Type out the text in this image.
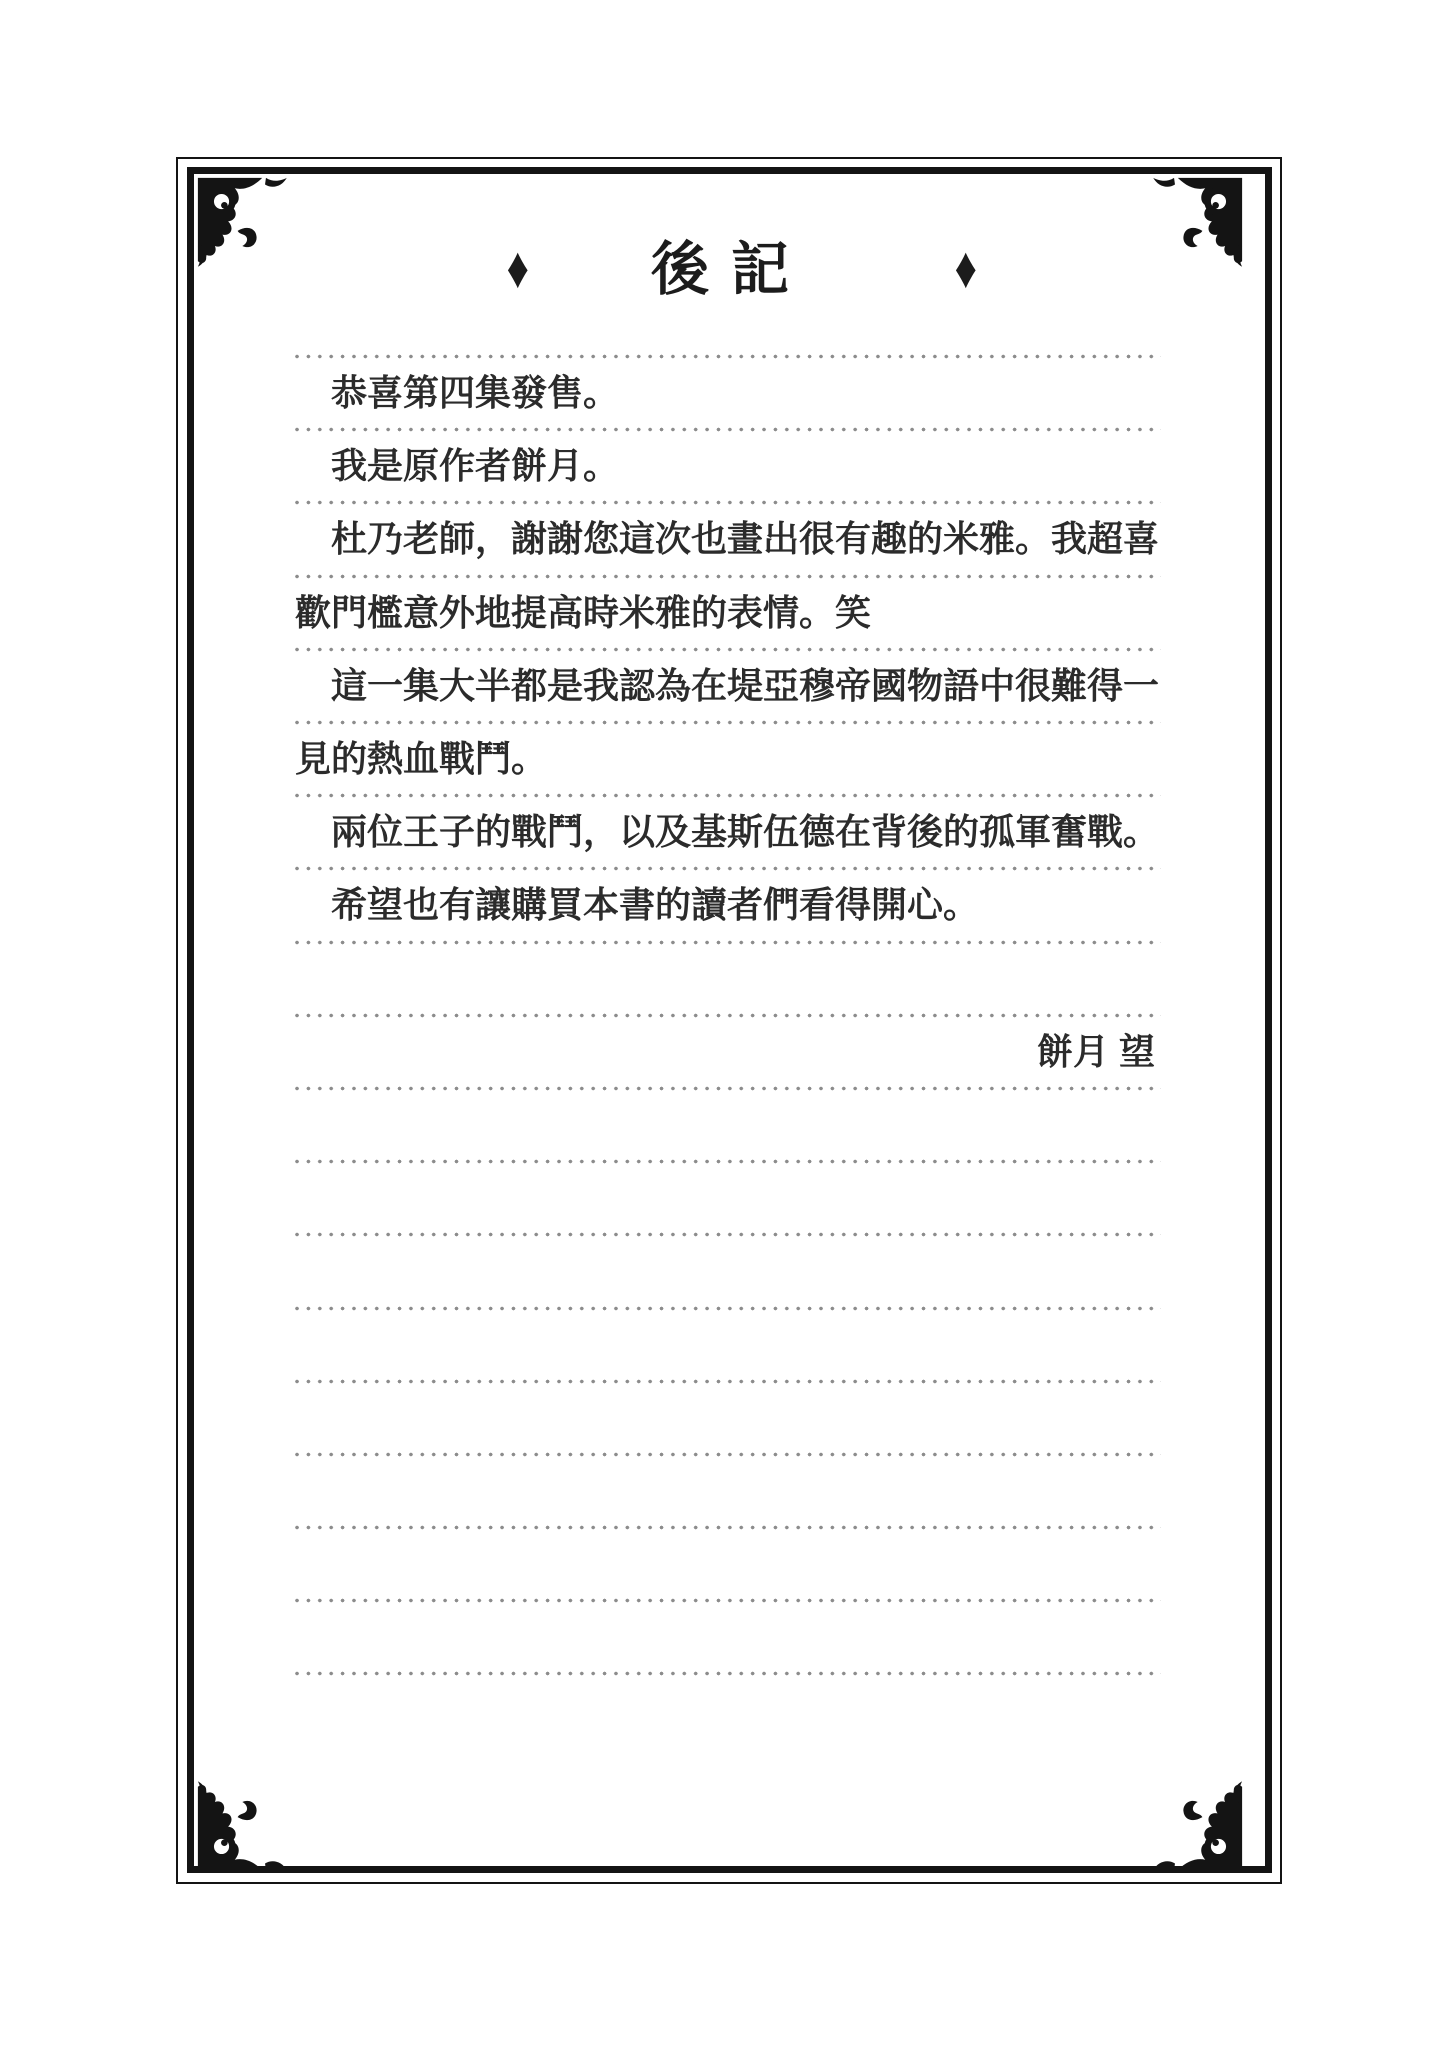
♦	後記	♦
恭喜第四集發售。
我是原作者餅月。
杜乃老師，謝謝您這次也畫出很有趣的米雅。我超喜
歡門檻意外地提高時米雅的表情。笑
這一集大半都是我認為在堤亞穆帝國物語中很難得一
見的熱血戰鬥。
兩位王子的戰鬥，以及基斯伍德在背後的孤軍奮戰。
希望也有讓購買本書的讀者們看得開心。
餅月 望
